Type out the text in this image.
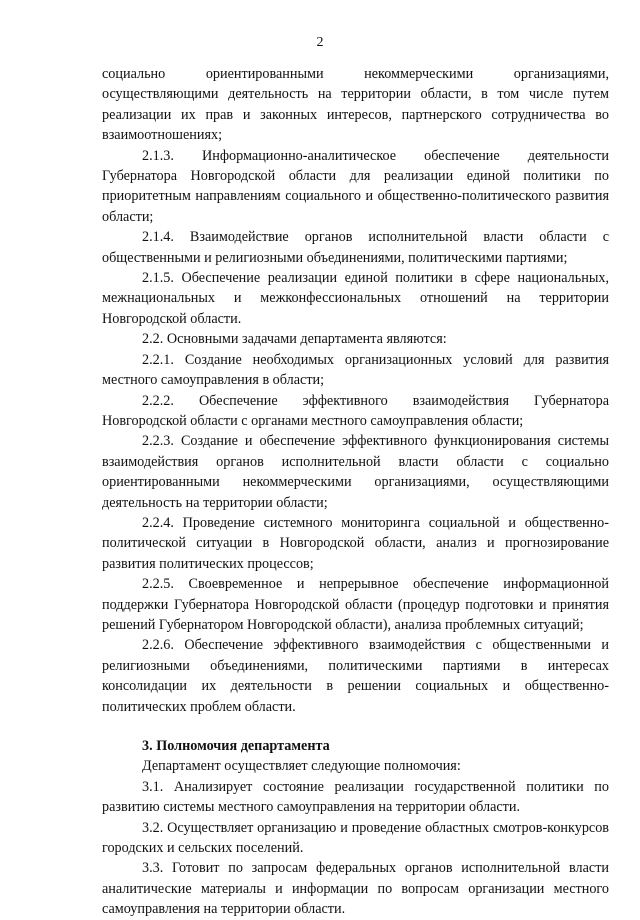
2

социально ориентированными некоммерческими организациями, осуществляющими деятельность на территории области, в том числе путем реализации их прав и законных интересов, партнерского сотрудничества во взаимоотношениях;

2.1.3. Информационно-аналитическое обеспечение деятельности Губернатора Новгородской области для реализации единой политики по приоритетным направлениям социального и общественно-политического развития области;

2.1.4. Взаимодействие органов исполнительной власти области с общественными и религиозными объединениями, политическими партиями;

2.1.5. Обеспечение реализации единой политики в сфере национальных, межнациональных и межконфессиональных отношений на территории Новгородской области.

2.2. Основными задачами департамента являются:

2.2.1. Создание необходимых организационных условий для развития местного самоуправления в области;

2.2.2. Обеспечение эффективного взаимодействия Губернатора Новгородской области с органами местного самоуправления области;

2.2.3. Создание и обеспечение эффективного функционирования системы взаимодействия органов исполнительной власти области с социально ориентированными некоммерческими организациями, осуществляющими деятельность на территории области;

2.2.4. Проведение системного мониторинга социальной и общественно-политической ситуации в Новгородской области, анализ и прогнозирование развития политических процессов;

2.2.5. Своевременное и непрерывное обеспечение информационной поддержки Губернатора Новгородской области (процедур подготовки и принятия решений Губернатором Новгородской области), анализа проблемных ситуаций;

2.2.6. Обеспечение эффективного взаимодействия с общественными и религиозными объединениями, политическими партиями в интересах консолидации их деятельности в решении социальных и общественно-политических проблем области.

3. Полномочия департамента

Департамент осуществляет следующие полномочия:

3.1. Анализирует состояние реализации государственной политики по развитию системы местного самоуправления на территории области.

3.2. Осуществляет организацию и проведение областных смотров-конкурсов городских и сельских поселений.

3.3. Готовит по запросам федеральных органов исполнительной власти аналитические материалы и информации по вопросам организации местного самоуправления на территории области.
